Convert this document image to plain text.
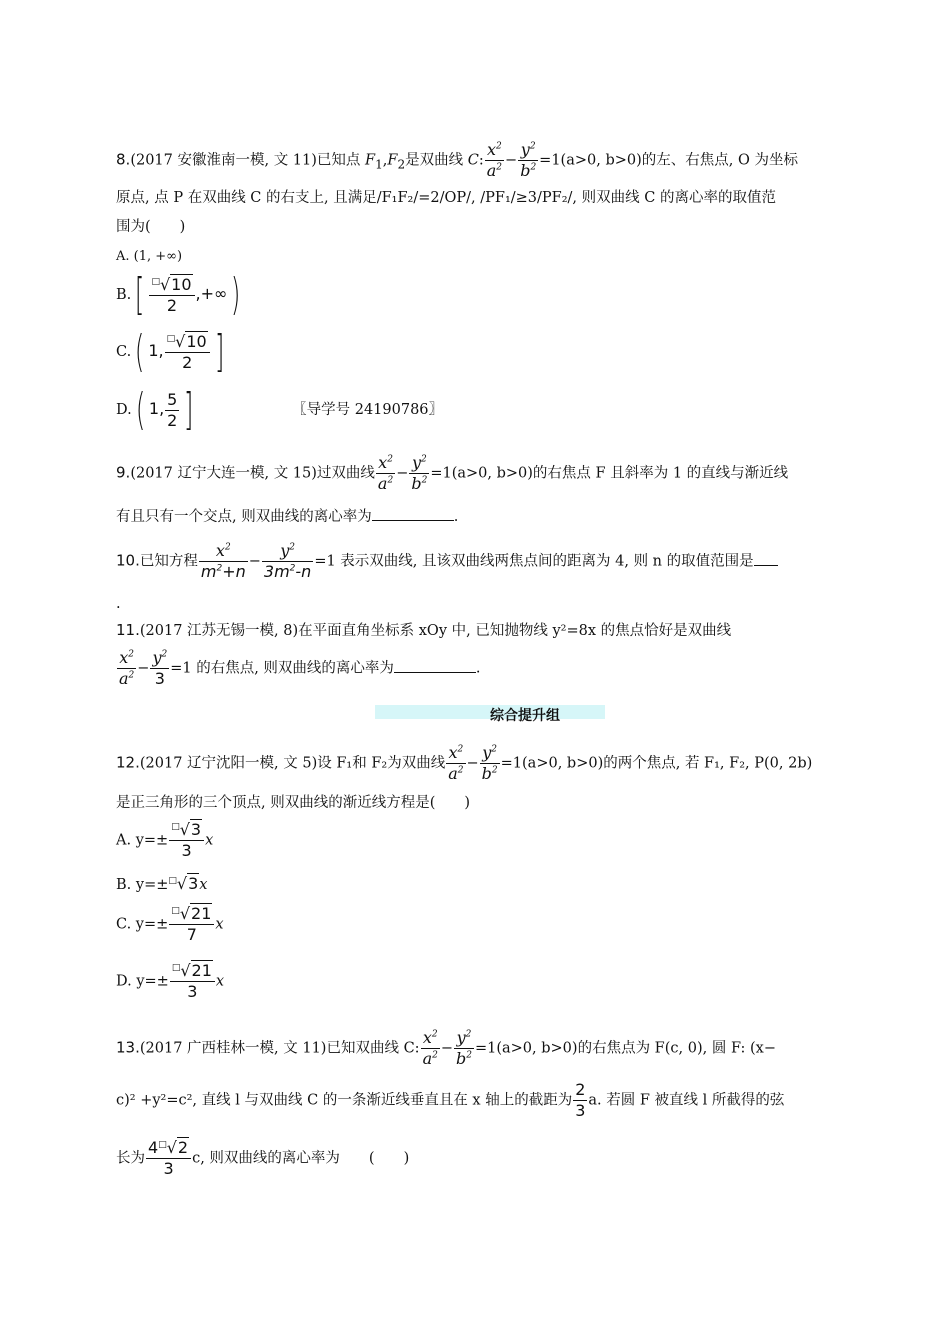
8.(2017 安徽淮南一模, 文 11)已知点 $F_1,F_2$是双曲线 C: $\frac{x^2}{a^2} - \frac{y^2}{b^2} =1(a>0$, b>0)的左、右焦点, O 为坐标
原点, 点 P 在双曲线 C 的右支上, 且满足/F₁F₂/=2/OP/, /PF₁/≥3/PF₂/, 则双曲线 C 的离心率的取值范
围为(　　)
A. (1, +∞)
$B.[ \frac{^□√10}{2}$ ,+∞)
C.( 1, $\frac{^□√10}{2}$ ]
D.( 1, $\frac{5}{2}$ ]	〖导学号 24190786〗
9.(2017 辽宁大连一模, 文 15)过双曲线 $\frac{x^2}{a^2} - \frac{y^2}{b^2} =1(a>0$, b>0)的右焦点 F 且斜率为 1 的直线与渐近线
有且只有一个交点, 则双曲线的离心率为	.
10.已知方程 $\frac{x^2}{m^2+n} - \frac{y^2}{3m^2-n} =1$ 表示双曲线, 且该双曲线两焦点间的距离为 4, 则 n 的取值范围是
.
11.(2017 江苏无锡一模, 8)在平面直角坐标系 xOy 中, 已知抛物线 y²=8x 的焦点恰好是双曲线
$\frac{x^2}{a^2} - \frac{y^2}{3} =1$ 的右焦点, 则双曲线的离心率为	.
综合提升组
12.(2017 辽宁沈阳一模, 文 5)设 F₁和 F₂为双曲线 $\frac{x^2}{a^2} - \frac{y^2}{b^2} =1(a>0$, b>0)的两个焦点, 若 F₁, F₂, P(0, 2b)
是正三角形的三个顶点, 则双曲线的渐近线方程是(　　)
A. $y=\pm \frac{^□√3}{3}$ x
B. y=±□√3x
C. $y=\pm \frac{^□√21}{7}$ x
D. $y=\pm \frac{^□√21}{3}$ x
13.(2017 广西桂林一模, 文 11)已知双曲线 C: $\frac{x^2}{a^2} - \frac{y^2}{b^2} =1(a>0$, b>0)的右焦点为 F(c, 0), 圆 F: (x−
c)² +y²=c², 直线 l 与双曲线 C 的一条渐近线垂直且在 x 轴上的截距为 $\frac{2}{3} a$. 若圆 F 被直线 l 所截得的弦
长为 $\frac{4^□√2}{3} c$, 则双曲线的离心率为　　(　　)
